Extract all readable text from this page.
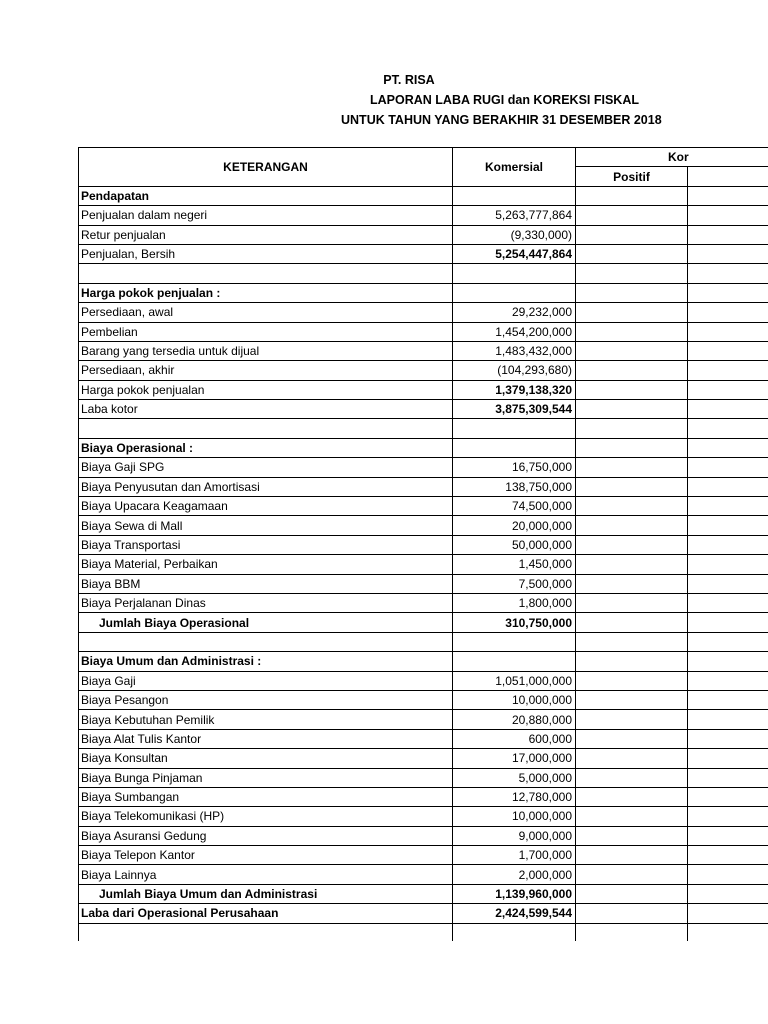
PT. RISA
LAPORAN LABA RUGI dan KOREKSI FISKAL
UNTUK TAHUN YANG BERAKHIR 31 DESEMBER 2018
KETERANGAN	Komersial	Kor	
		Positif	
Pendapatan			
Penjualan dalam negeri	5,263,777,864		
Retur penjualan	(9,330,000)		
Penjualan, Bersih	5,254,447,864		

Harga pokok penjualan :			
Persediaan, awal	29,232,000		
Pembelian	1,454,200,000		
Barang yang tersedia untuk dijual	1,483,432,000		
Persediaan, akhir	(104,293,680)		
Harga pokok penjualan	1,379,138,320		
Laba kotor	3,875,309,544		

Biaya Operasional :			
Biaya Gaji SPG	16,750,000		
Biaya Penyusutan dan Amortisasi	138,750,000		
Biaya Upacara Keagamaan	74,500,000		
Biaya Sewa di Mall	20,000,000		
Biaya Transportasi	50,000,000		
Biaya Material, Perbaikan	1,450,000		
Biaya BBM	7,500,000		
Biaya Perjalanan Dinas	1,800,000		
Jumlah Biaya Operasional	310,750,000		

Biaya Umum dan Administrasi :			
Biaya Gaji	1,051,000,000		
Biaya Pesangon	10,000,000		
Biaya Kebutuhan Pemilik	20,880,000		
Biaya Alat Tulis Kantor	600,000		
Biaya Konsultan	17,000,000		
Biaya Bunga Pinjaman	5,000,000		
Biaya Sumbangan	12,780,000		
Biaya Telekomunikasi (HP)	10,000,000		
Biaya Asuransi Gedung	9,000,000		
Biaya Telepon Kantor	1,700,000		
Biaya Lainnya	2,000,000		
Jumlah Biaya Umum dan Administrasi	1,139,960,000		
Laba dari Operasional Perusahaan	2,424,599,544		
